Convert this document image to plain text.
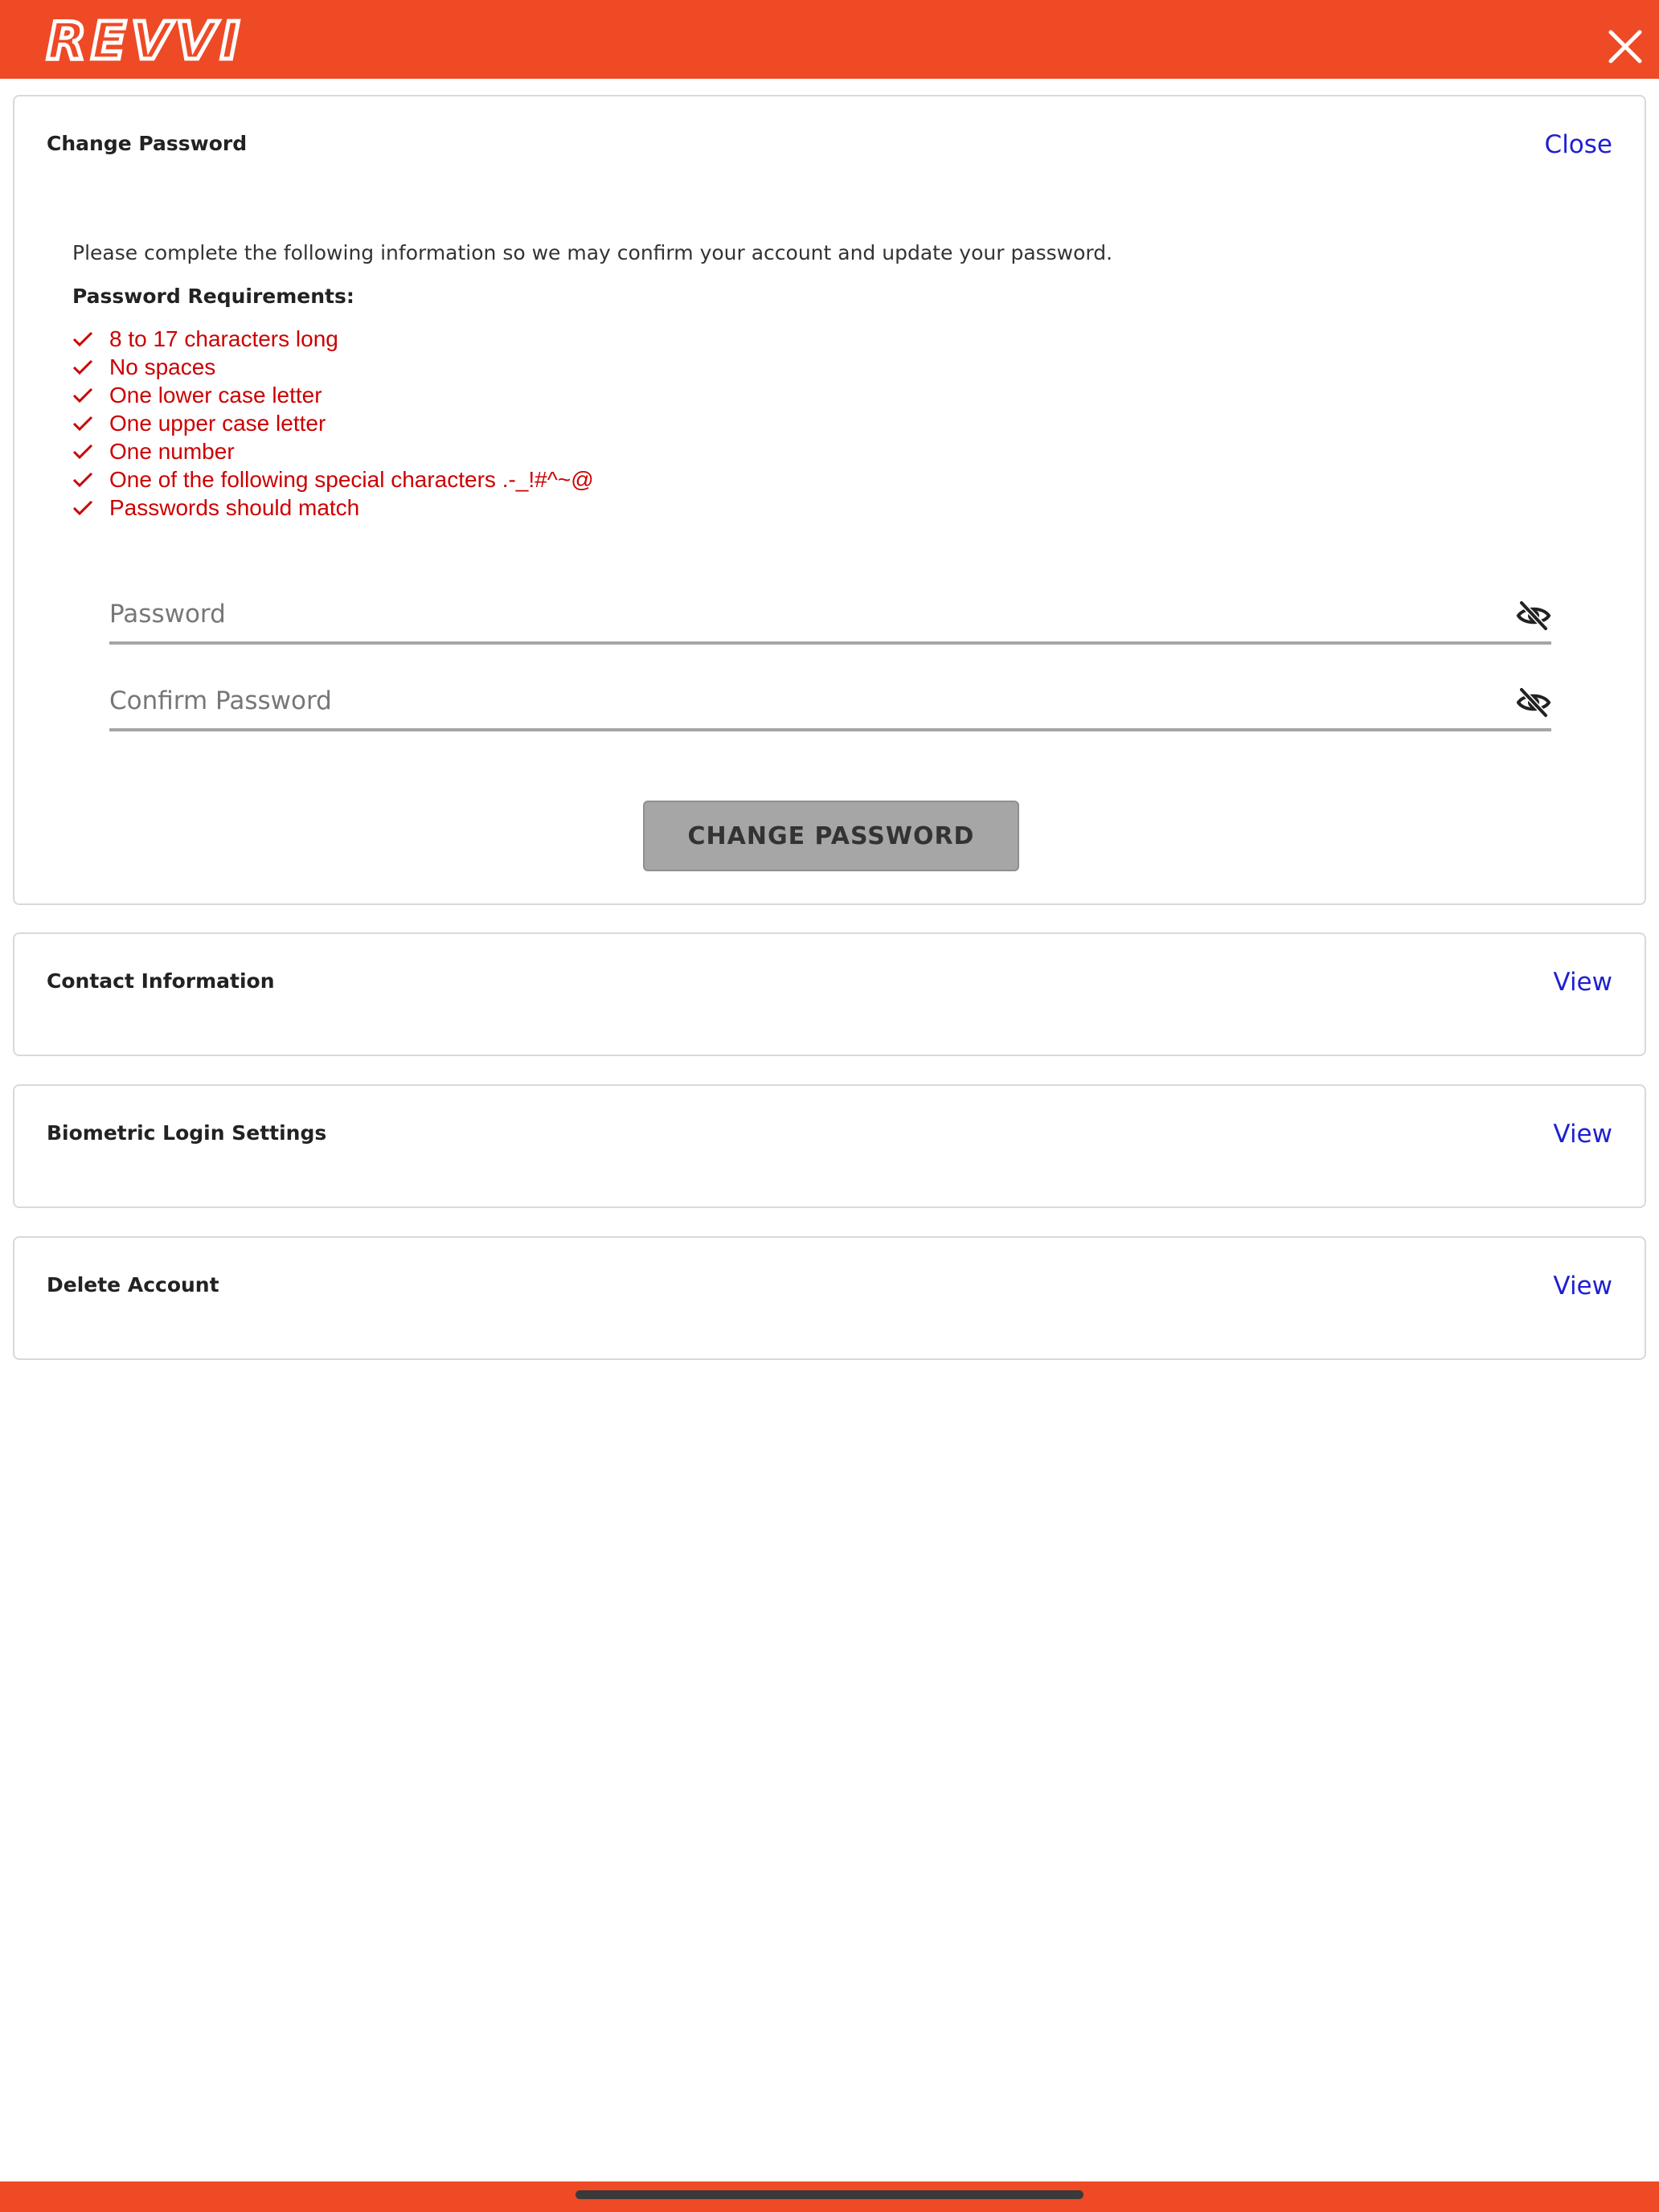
REVVI
Change Password	Close
Please complete the following information so we may confirm your account and update your password.
Password Requirements:
8 to 17 characters long
No spaces
One lower case letter
One upper case letter
One number
One of the following special characters .-_!#^~@
Passwords should match
CHANGE PASSWORD
Contact Information	View
Biometric Login Settings	View
Delete Account	View
